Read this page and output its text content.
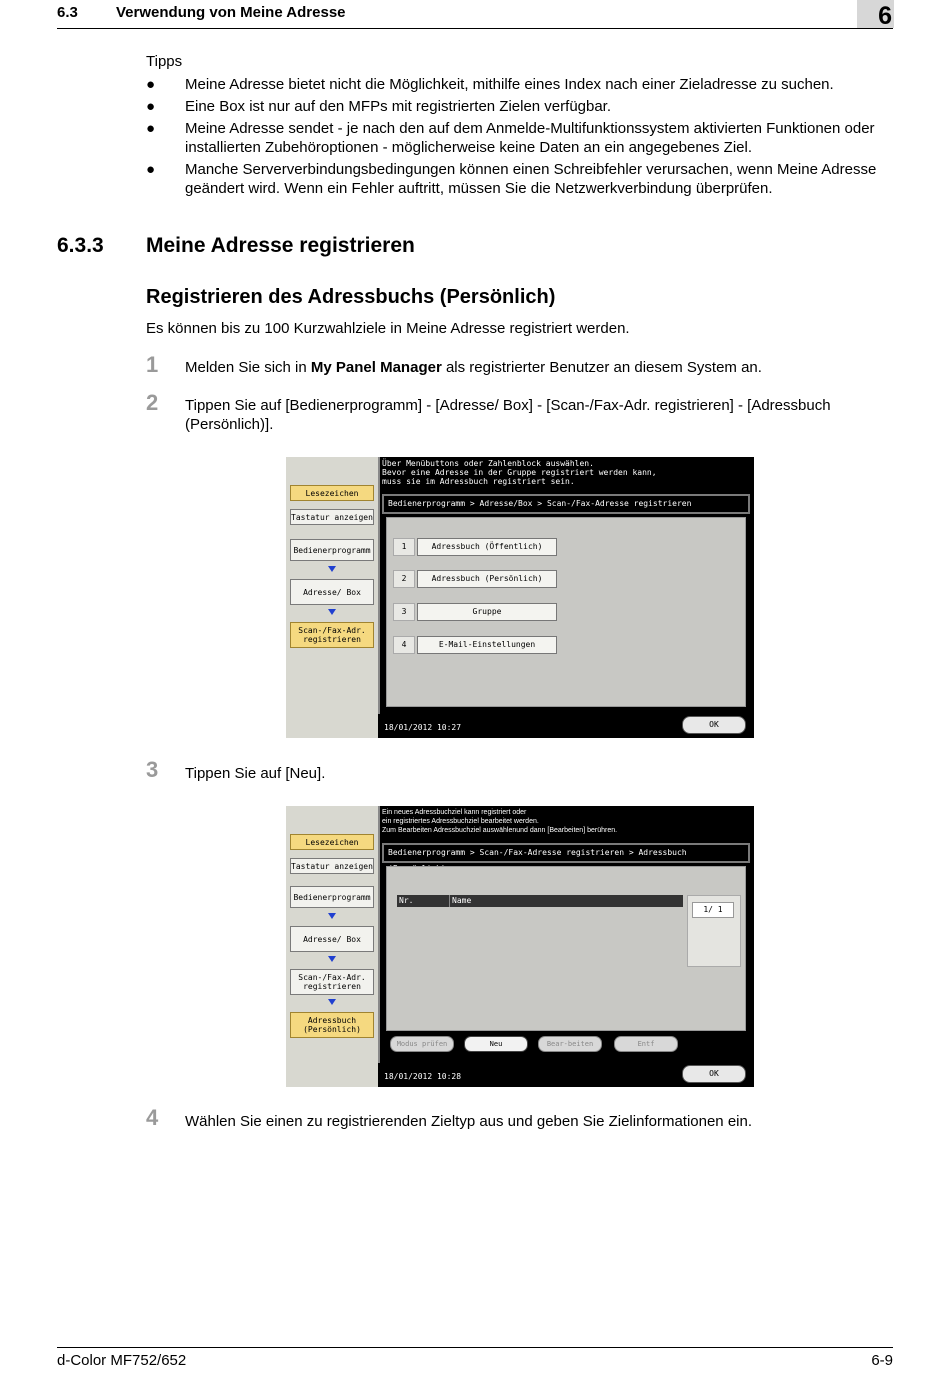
6.3	Verwendung von Meine Adresse	6
Tipps
● Meine Adresse bietet nicht die Möglichkeit, mithilfe eines Index nach einer Zieladresse zu suchen.
● Eine Box ist nur auf den MFPs mit registrierten Zielen verfügbar.
● Meine Adresse sendet - je nach den auf dem Anmelde-Multifunktionssystem aktivierten Funktionen oder installierten Zubehöroptionen - möglicherweise keine Daten an ein angegebenes Ziel.
● Manche Serververbindungsbedingungen können einen Schreibfehler verursachen, wenn Meine Adresse geändert wird. Wenn ein Fehler auftritt, müssen Sie die Netzwerkverbindung überprüfen.
6.3.3 Meine Adresse registrieren
Registrieren des Adressbuchs (Persönlich)
Es können bis zu 100 Kurzwahlziele in Meine Adresse registriert werden.
1 Melden Sie sich in My Panel Manager als registrierter Benutzer an diesem System an.
2 Tippen Sie auf [Bedienerprogramm] - [Adresse/ Box] - [Scan-/Fax-Adr. registrieren] - [Adressbuch (Persönlich)].
Lesezeichen
Tastatur anzeigen
Bedienerprogramm
Adresse/ Box
Scan-/Fax-Adr. registrieren
Über Menübuttons oder Zahlenblock auswählen.
Bevor eine Adresse in der Gruppe registriert werden kann,
muss sie im Adressbuch registriert sein.
Bedienerprogramm > Adresse/Box > Scan-/Fax-Adresse registrieren
1	Adressbuch (Öffentlich)
2	Adressbuch (Persönlich)
3	Gruppe
4	E-Mail-Einstellungen
18/01/2012 10:27	OK
3 Tippen Sie auf [Neu].
Lesezeichen
Tastatur anzeigen
Bedienerprogramm
Adresse/ Box
Scan-/Fax-Adr. registrieren
Adressbuch (Persönlich)
Ein neues Adressbuchziel kann registriert oder
ein registriertes Adressbuchziel bearbeitet werden.
Zum Bearbeiten Adressbuchziel auswählenund dann [Bearbeiten] berühren.
Bedienerprogramm > Scan-/Fax-Adresse registrieren > Adressbuch
Nr.	Name
1/ 1
Modus prüfen	Neu	Bear-beiten	Entf
18/01/2012 10:28	OK
4 Wählen Sie einen zu registrierenden Zieltyp aus und geben Sie Zielinformationen ein.
d-Color MF752/652	6-9
